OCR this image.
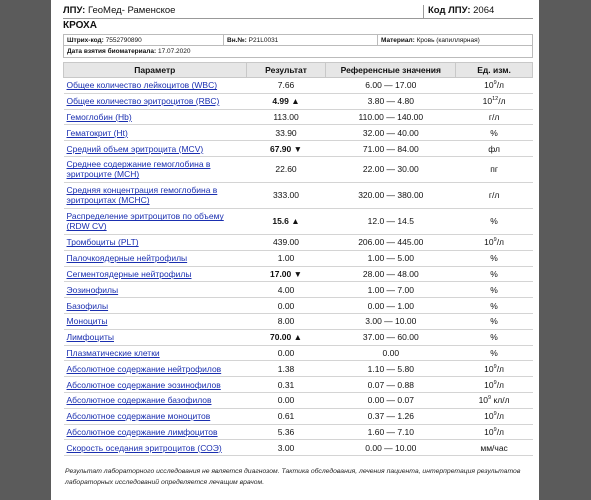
ЛПУ: ГеоМед- Раменское	Код ЛПУ: 2064
КРОХА
Штрих-код: 7552790890	Вн.№: P21L0031	Материал: Кровь (капиллярная)
Дата взятия биоматериала: 17.07.2020
Параметр	Результат	Референсные значения	Ед. изм.
Общее количество лейкоцитов (WBC)	7.66	6.00 — 17.00	$10^9/л$
Общее количество эритроцитов (RBC)	4.99 ▲	3.80 — 4.80	$10^{12}/л$
Гемоглобин (Hb)	113.00	110.00 — 140.00	г/л
Гематокрит (Ht)	33.90	32.00 — 40.00	%
Средний объем эритроцита (MCV)	67.90 ▼	71.00 — 84.00	фл
Среднее содержание гемоглобина в эритроците (MCH)	22.60	22.00 — 30.00	пг
Средняя концентрация гемоглобина в эритроцитах (MCHC)	333.00	320.00 — 380.00	г/л
Распределение эритроцитов по объему (RDW CV)	15.6 ▲	12.0 — 14.5	%
Тромбоциты (PLT)	439.00	206.00 — 445.00	$10^9/л$
Палочкоядерные нейтрофилы	1.00	1.00 — 5.00	%
Сегментоядерные нейтрофилы	17.00 ▼	28.00 — 48.00	%
Эозинофилы	4.00	1.00 — 7.00	%
Базофилы	0.00	0.00 — 1.00	%
Моноциты	8.00	3.00 — 10.00	%
Лимфоциты	70.00 ▲	37.00 — 60.00	%
Плазматические клетки	0.00	0.00	%
Абсолютное содержание нейтрофилов	1.38	1.10 — 5.80	$10^9/л$
Абсолютное содержание эозинофилов	0.31	0.07 — 0.88	$10^9/л$
Абсолютное содержание базофилов	0.00	0.00 — 0.07	$10^9$ кл/л
Абсолютное содержание моноцитов	0.61	0.37 — 1.26	$10^9/л$
Абсолютное содержание лимфоцитов	5.36	1.60 — 7.10	$10^9/л$
Скорость оседания эритроцитов (СОЭ)	3.00	0.00 — 10.00	мм/час
Результат лабораторного исследования не является диагнозом. Тактика обследования, лечения пациента, интерпретация результатов лабораторных исследований определяется лечащим врачом.
